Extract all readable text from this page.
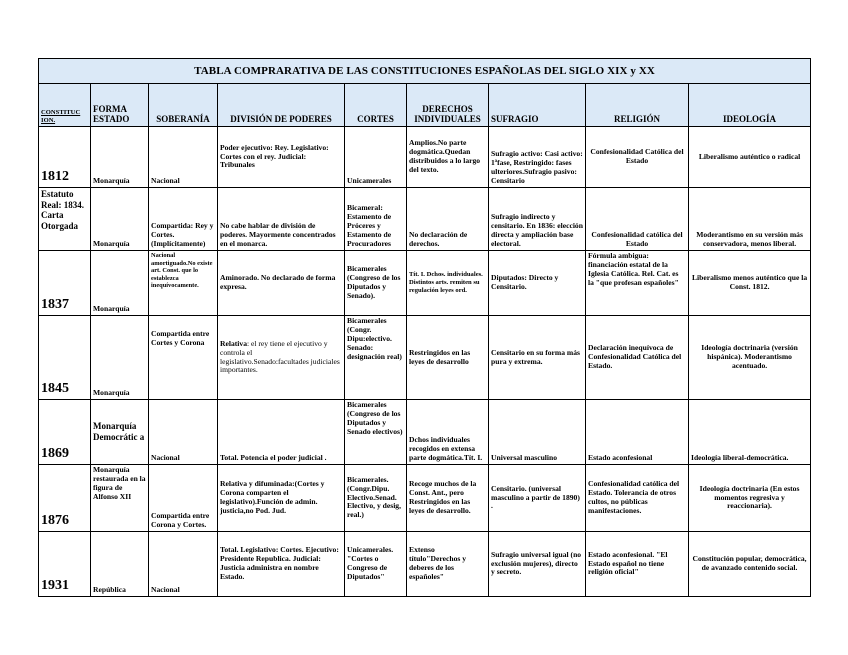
TABLA COMPRARATIVA DE LAS CONSTITUCIONES ESPAÑOLAS DEL SIGLO XIX y XX								
CONSTITUC ION.	FORMA ESTADO	SOBERANÍA	DIVISIÓN DE PODERES	CORTES	DERECHOS INDIVIDUALES	SUFRAGIO	RELIGIÓN	IDEOLOGÍA
1812	Monarquía	Nacional	Poder ejecutivo: Rey. Legislativo: Cortes con el rey. Judicial: Tribunales	Unicamerales	Amplios.No parte dogmática.Quedan distribuidos a lo largo del texto.	Sufragio activo: Casi activo: 1ªfase, Restringido: fases ulteriores.Sufragio pasivo: Censitario	Confesionalidad Católica del Estado	Liberalismo auténtico o radical
Estatuto Real: 1834. Carta Otorgada	Monarquía	Compartida: Rey y Cortes. (Implícitamente)	No cabe hablar de división de poderes. Mayormente concentrados en el monarca.	Bicameral: Estamento de Próceres y Estamento de Procuradores	No declaración de derechos.	Sufragio indirecto y censitario. En 1836: elección directa y ampliación base electoral.	Confesionalidad católica del Estado	Moderantismo en su versión más conservadora, menos liberal.
1837	Monarquía	Nacional amortiguado.No existe art. Const. que lo establezca inequívocamente.	Aminorado. No declarado de forma expresa.	Bicamerales (Congreso de los Diputados y Senado).	Tít. I. Dchos. individuales. Distintos arts. remiten su regulación leyes ord.	Diputados: Directo y Censitario.	Fórmula ambigua: financiación estatal de la Iglesia Católica. Rel. Cat. es la "que profesan españoles"	Liberalismo menos auténtico que la Const. 1812.
1845	Monarquía	Compartida entre Cortes y Corona	Relativa: el rey tiene el ejecutivo y controla el legislativo.Senado:facultades judiciales importantes.	Bicamerales (Congr. Dipu:electivo. Senado: designación real)	Restringidos en las leyes de desarrollo	Censitario en su forma más pura y extrema.	Declaración inequívoca de Confesionalidad Católica del Estado.	Ideología doctrinaria (versión hispánica). Moderantismo acentuado.
1869	Monarquía Democrátic a	Nacional	Total. Potencia el poder judicial .	Bicamerales (Congreso de los Diputados y Senado electivos)	Dchos individuales recogidos en extensa parte dogmática.Tít. I.	Universal masculino	Estado aconfesional	Ideología liberal-democrática.
1876	Monarquía restaurada en la figura de Alfonso XII	Compartida entre Corona y Cortes.	Relativa y difuminada:(Cortes y Corona comparten el legislativo).Función de admin. justicia,no Pod. Jud.	Bicamerales. (Congr.Dipu. Electivo.Senad. Electivo, y desig, real.)	Recoge muchos de la Const. Ant., pero Restringidos en las leyes de desarrollo.	Censitario. (universal masculino a partir de 1890) .	Confesionalidad católica del Estado. Tolerancia de otros cultos, no públicas manifestaciones.	Ideología doctrinaria (En estos momentos regresiva y reaccionaria).
1931	República	Nacional	Total. Legislativo: Cortes. Ejecutivo: Presidente Republica. Judicial: Justicia administra en nombre Estado.	Unicamerales. "Cortes o Congreso de Diputados"	Extenso título"Derechos y deberes de los españoles"	Sufragio universal igual (no exclusión mujeres), directo y secreto.	Estado aconfesional. "El Estado español no tiene religión oficial"	Constitución popular, democrática, de avanzado contenido social.
